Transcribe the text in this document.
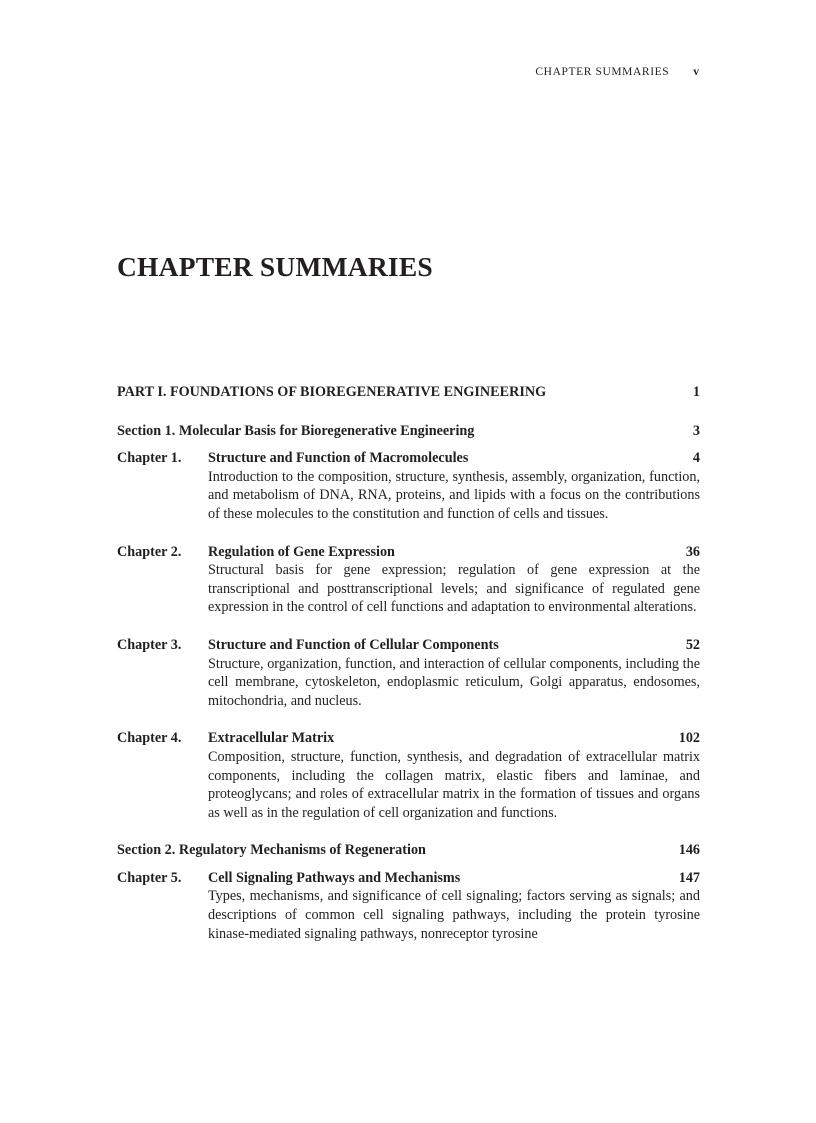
CHAPTER SUMMARIES v
CHAPTER SUMMARIES
PART I. FOUNDATIONS OF BIOREGENERATIVE ENGINEERING	1
Section 1. Molecular Basis for Bioregenerative Engineering	3
Chapter 1.	Structure and Function of Macromolecules	4
Introduction to the composition, structure, synthesis, assembly, organization, function, and metabolism of DNA, RNA, proteins, and lipids with a focus on the contributions of these molecules to the constitution and function of cells and tissues.
Chapter 2.	Regulation of Gene Expression	36
Structural basis for gene expression; regulation of gene expression at the transcriptional and posttranscriptional levels; and significance of regulated gene expression in the control of cell functions and adaptation to environmental alterations.
Chapter 3.	Structure and Function of Cellular Components	52
Structure, organization, function, and interaction of cellular components, including the cell membrane, cytoskeleton, endoplasmic reticulum, Golgi apparatus, endosomes, mitochondria, and nucleus.
Chapter 4.	Extracellular Matrix	102
Composition, structure, function, synthesis, and degradation of extracellular matrix components, including the collagen matrix, elastic fibers and laminae, and proteoglycans; and roles of extracellular matrix in the formation of tissues and organs as well as in the regulation of cell organization and functions.
Section 2. Regulatory Mechanisms of Regeneration	146
Chapter 5.	Cell Signaling Pathways and Mechanisms	147
Types, mechanisms, and significance of cell signaling; factors serving as signals; and descriptions of common cell signaling pathways, including the protein tyrosine kinase-mediated signaling pathways, nonreceptor tyrosine
